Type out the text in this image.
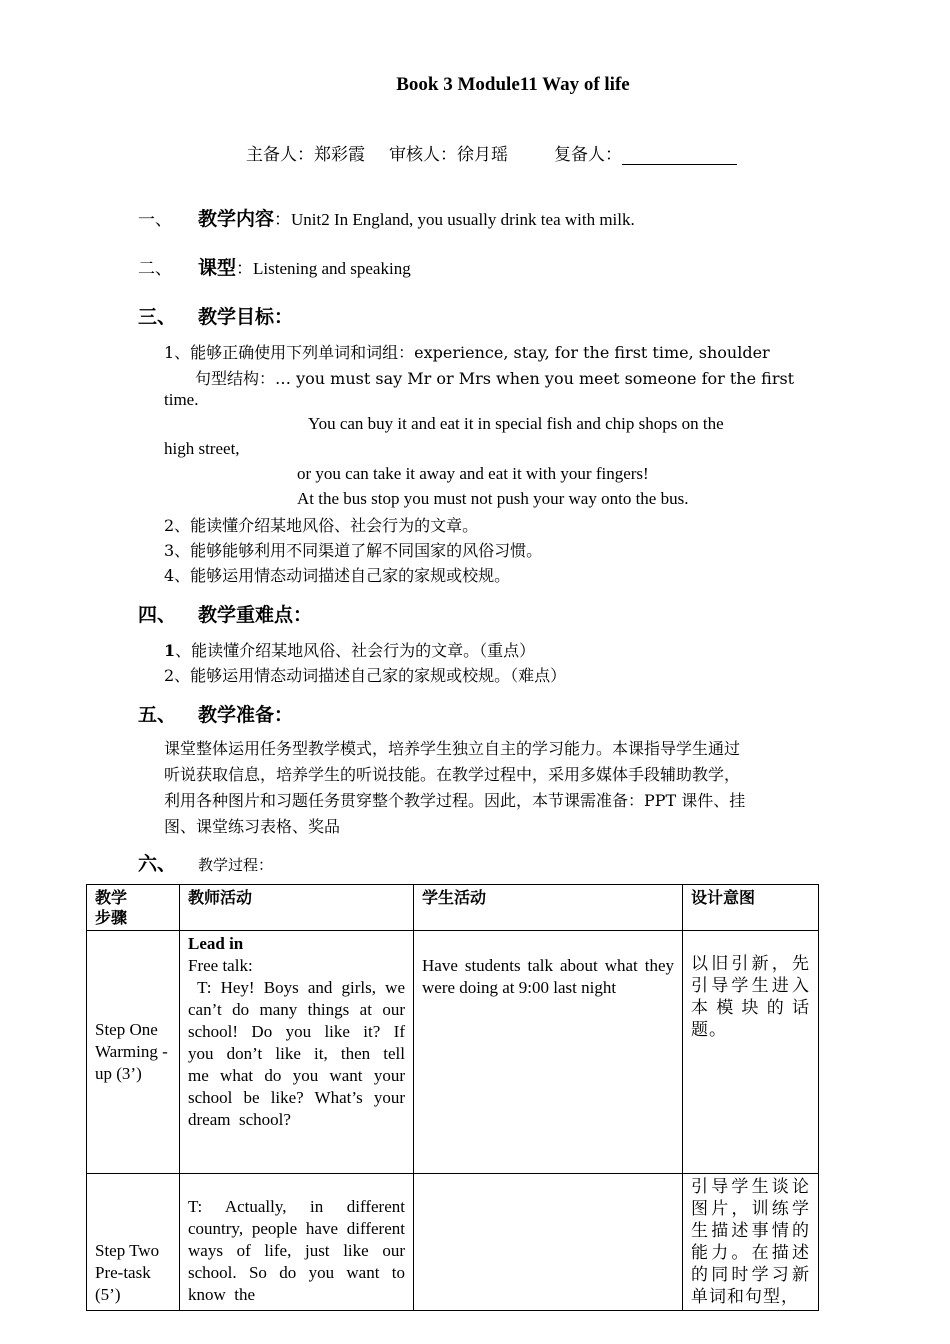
Book 3 Module11 Way of life
主备人：郑彩霞 审核人：徐月瑶	复备人：
一、 教学内容：Unit2 In England, you usually drink tea with milk.
二、 课型：Listening and speaking
三、 教学目标：
1、能够正确使用下列单词和词组：experience, stay, for the first time, shoulder
句型结构：… you must say Mr or Mrs when you meet someone for the first
time.
You can buy it and eat it in special fish and chip shops on the
high street,
or you can take it away and eat it with your fingers!
At the bus stop you must not push your way onto the bus.
2、能读懂介绍某地风俗、社会行为的文章。
3、能够能够利用不同渠道了解不同国家的风俗习惯。
4、能够运用情态动词描述自己家的家规或校规。
四、 教学重难点：
1、能读懂介绍某地风俗、社会行为的文章。（重点）
2、能够运用情态动词描述自己家的家规或校规。（难点）
五、 教学准备：
课堂整体运用任务型教学模式，培养学生独立自主的学习能力。本课指导学生通过
听说获取信息，培养学生的听说技能。在教学过程中，采用多媒体手段辅助教学，
利用各种图片和习题任务贯穿整个教学过程。因此，本节课需准备：PPT 课件、挂
图、课堂练习表格、奖品
六、 教学过程：
教学
步骤	教师活动	学生活动	设计意图
Step One Warming -up (3’)	Lead in
Free talk:
T:  Hey!  Boys  and  girls,  we  can’t  do  many  things  at  our  school!  Do  you  like  it?  If  you  don’t  like  it,  then  tell  me  what  do  you  want  your  school  be  like?  What’s  your  dream  school?	Have students talk about what they were doing at 9:00 last night	以旧引新，先引导学生进入本模块的话题。
Step Two Pre-task (5’)	T:  Actually,  in  different  country,  people  have  different  ways  of  life,  just  like  our  school.  So  do  you  want  to  know  the		引导学生谈论图片，训练学生描述事情的能力。在描述的同时学习新单词和句型，
